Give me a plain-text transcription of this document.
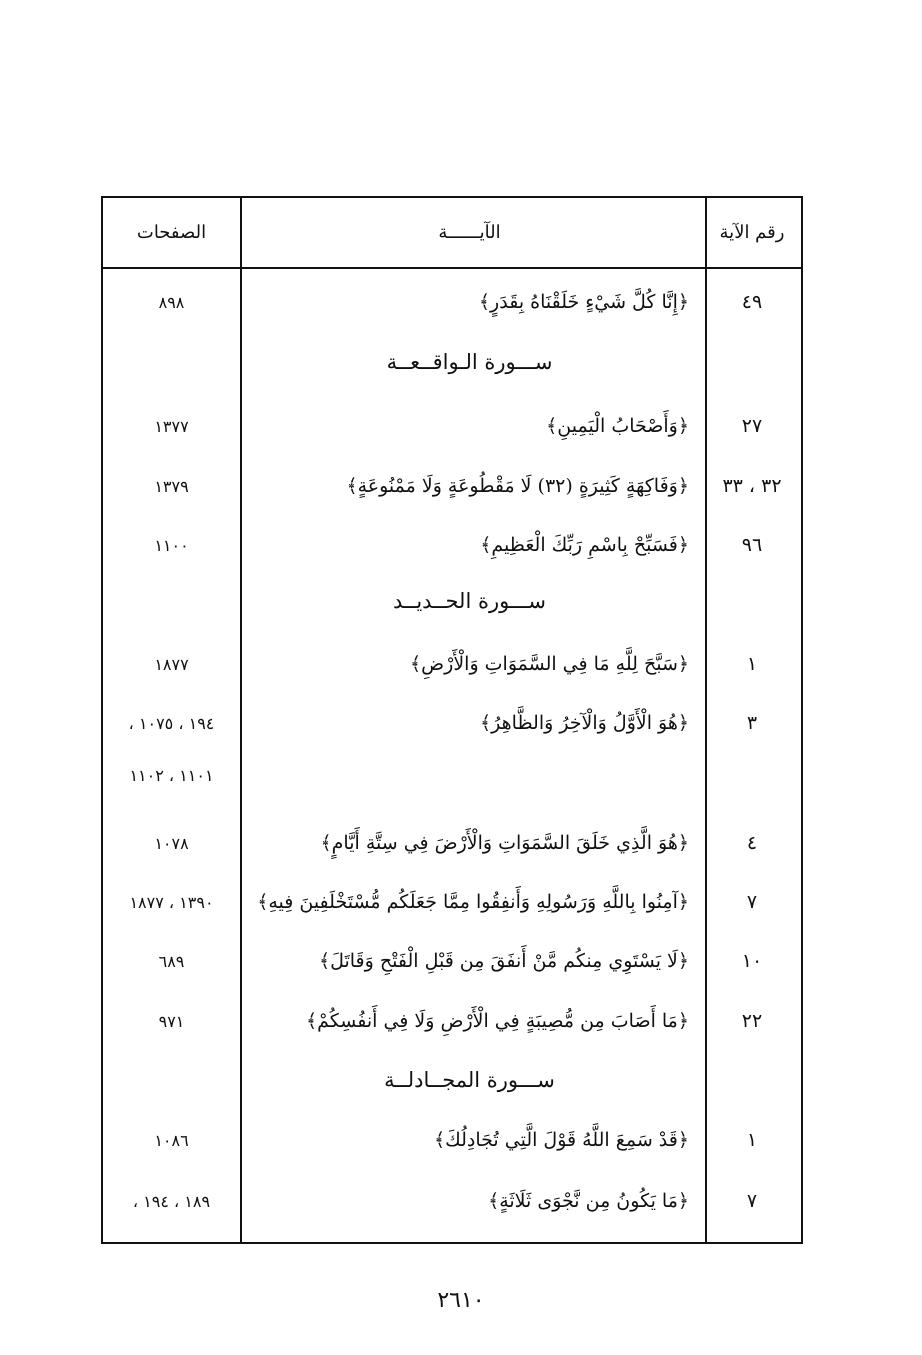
رقم الآية
الآيــــــة
الصفحات
٤٩
﴿إِنَّا كُلَّ شَيْءٍ خَلَقْنَاهُ بِقَدَرٍ﴾
٨٩٨
ســـورة الـواقــعــة
٢٧
﴿وَأَصْحَابُ الْيَمِينِ﴾
١٣٧٧
٣٢ ، ٣٣
﴿وَفَاكِهَةٍ كَثِيرَةٍ (٣٢) لَا مَقْطُوعَةٍ وَلَا مَمْنُوعَةٍ﴾
١٣٧٩
٩٦
﴿فَسَبِّحْ بِاسْمِ رَبِّكَ الْعَظِيمِ﴾
١١٠٠
ســـورة الحــديــد
١
﴿سَبَّحَ لِلَّهِ مَا فِي السَّمَوَاتِ وَالْأَرْضِ﴾
١٨٧٧
٣
﴿هُوَ الْأَوَّلُ وَالْآخِرُ وَالظَّاهِرُ﴾
١٩٤ ، ١٠٧٥ ،
١١٠١ ، ١١٠٢
٤
﴿هُوَ الَّذِي خَلَقَ السَّمَوَاتِ وَالْأَرْضَ فِي سِتَّةِ أَيَّامٍ﴾
١٠٧٨
٧
﴿آمِنُوا بِاللَّهِ وَرَسُولِهِ وَأَنفِقُوا مِمَّا جَعَلَكُم مُّسْتَخْلَفِينَ فِيهِ﴾
١٣٩٠ ، ١٨٧٧
١٠
﴿لَا يَسْتَوِي مِنكُم مَّنْ أَنفَقَ مِن قَبْلِ الْفَتْحِ وَقَاتَلَ﴾
٦٨٩
٢٢
﴿مَا أَصَابَ مِن مُّصِيبَةٍ فِي الْأَرْضِ وَلَا فِي أَنفُسِكُمْ﴾
٩٧١
ســـورة المجــادلــة
١
﴿قَدْ سَمِعَ اللَّهُ قَوْلَ الَّتِي تُجَادِلُكَ﴾
١٠٨٦
٧
﴿مَا يَكُونُ مِن نَّجْوَى ثَلَاثَةٍ﴾
١٨٩ ، ١٩٤ ،
٢٦١٠
